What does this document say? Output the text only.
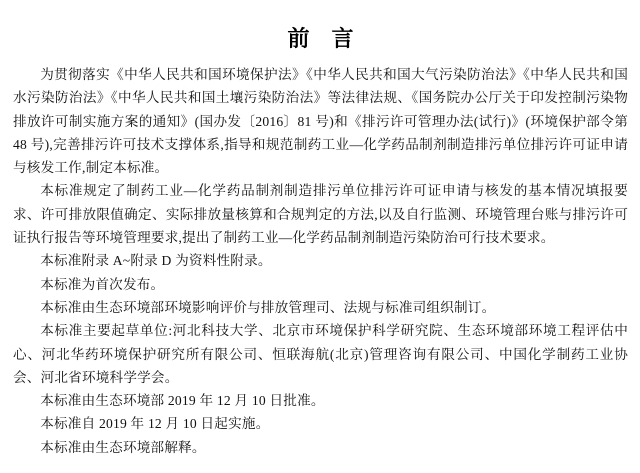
前　言

为贯彻落实《中华人民共和国环境保护法》《中华人民共和国大气污染防治法》《中华人民共和国水污染防治法》《中华人民共和国土壤污染防治法》等法律法规、《国务院办公厅关于印发控制污染物排放许可制实施方案的通知》(国办发〔2016〕81 号)和《排污许可管理办法(试行)》(环境保护部令第 48 号),完善排污许可技术支撑体系,指导和规范制药工业—化学药品制剂制造排污单位排污许可证申请与核发工作,制定本标准。

本标准规定了制药工业—化学药品制剂制造排污单位排污许可证申请与核发的基本情况填报要求、许可排放限值确定、实际排放量核算和合规判定的方法,以及自行监测、环境管理台账与排污许可证执行报告等环境管理要求,提出了制药工业—化学药品制剂制造污染防治可行技术要求。

本标准附录 A~附录 D 为资料性附录。

本标准为首次发布。

本标准由生态环境部环境影响评价与排放管理司、法规与标准司组织制订。

本标准主要起草单位:河北科技大学、北京市环境保护科学研究院、生态环境部环境工程评估中心、河北华药环境保护研究所有限公司、恒联海航(北京)管理咨询有限公司、中国化学制药工业协会、河北省环境科学学会。

本标准由生态环境部 2019 年 12 月 10 日批准。

本标准自 2019 年 12 月 10 日起实施。

本标准由生态环境部解释。
